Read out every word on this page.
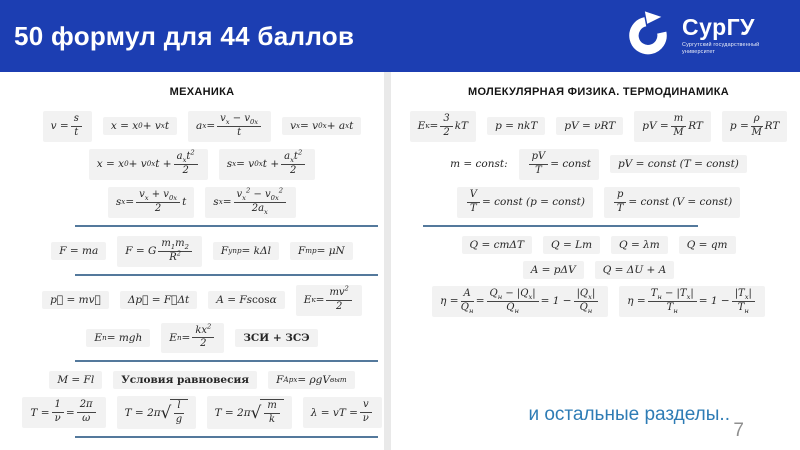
50 формул для 44 баллов	СурГУ
Сургутский государственный университет
МЕХАНИКА
v =
s
t	x = x 0 + v x t	a x =
$v_x - v_{0x}$
t	v x = v 0x + a x t
x = x 0 + v 0x t +
$a_xt^2$
2	s x = v 0x t +
$a_xt^2$
2
s x =
$v_x + v_{0x}$
2 t	s x =
$v_x^2 - v_{0x}^2$
$2a_x$
F = ma	F = G
$m_1m_2$
$R^2$	F упр = kΔl	F тр = μN
p⃗ = mv⃗	Δp⃗ = F⃗Δt	A = Fs cos α	E к =
$mv^2$
2
E п = mgh	E п =
$kx^2$
2	ЗСИ + ЗСЭ
M = Fl	Условия равновесия	F Арх = ρgV выт
T =
1
ν =
2π
ω	T = 2π √ l
g
T = 2π √ m
k
λ = vT =
v
ν
МОЛЕКУЛЯРНАЯ ФИЗИКА. ТЕРМОДИНАМИКА
E к =
3
2 kT	p = nkT	pV = νRT	pV =
m
M RT	p =
ρ
M RT
m = const:
pV
T = const	pV = const (T = const)
V
T = const (p = const)
p
T = const (V = const)
Q = cmΔT	Q = Lm	Q = λm	Q = qm
A = pΔV	Q = ΔU + A
η =
A
$Q_н$
=
$Q_н - |Q_х|$
$Q_н$
= 1 −
$|Q_х|$
$Q_н$
η =
$T_н - |T_х|$
$T_н$
= 1 −
$|T_х|$
$T_н$
и остальные разделы..
7
